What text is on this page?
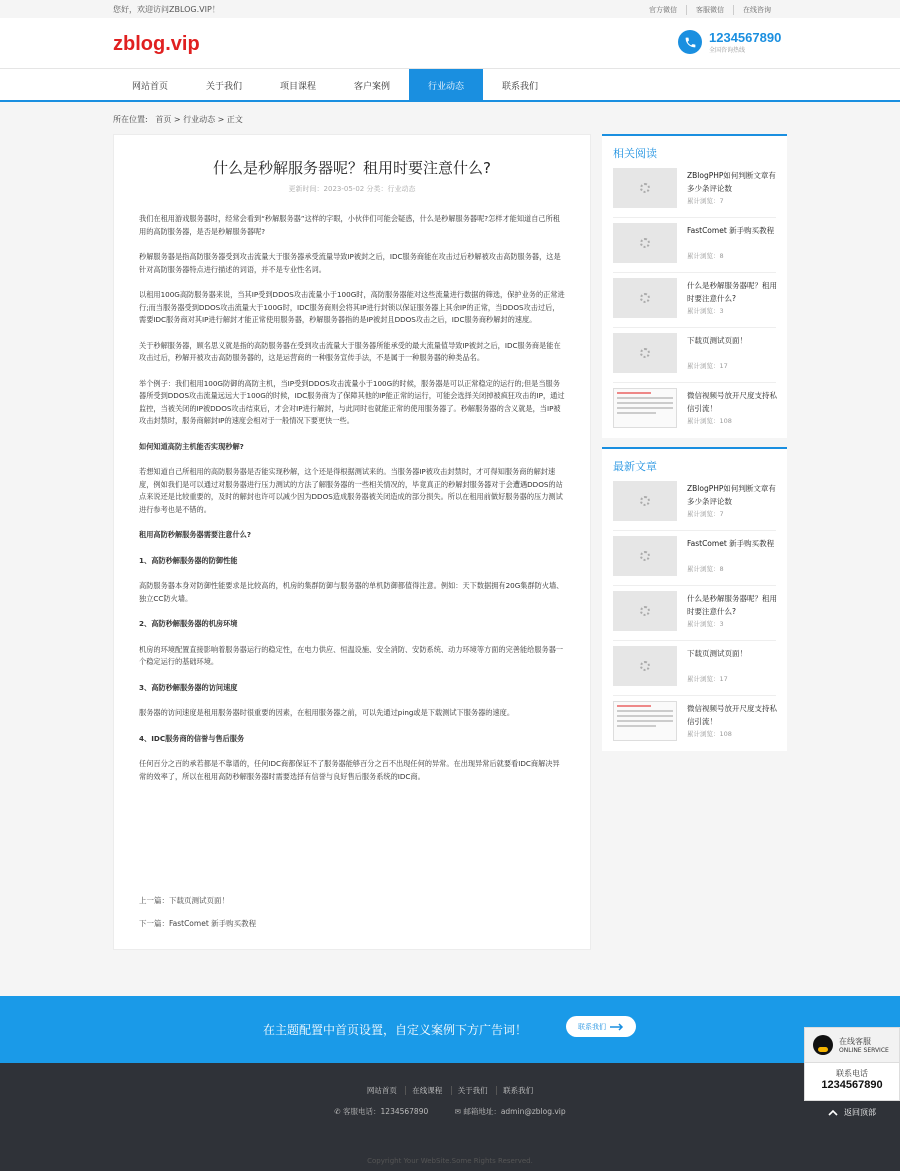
您好，欢迎访问ZBLOG.VIP！	官方微信	客服微信	在线咨询
zblog.vip	1234567890
全国咨询热线
网站首页	关于我们	项目课程	客户案例	行业动态	联系我们
所在位置: 首页 > 行业动态 > 正文
什么是秒解服务器呢？租用时要注意什么?
更新时间：2023-05-02 分类：行业动态

我们在租用游戏服务器时，经常会看到“秒解服务器”这样的字眼，小伙伴们可能会疑惑，什么是秒解服务器呢?怎样才能知道自己所租用的高防服务器，是否是秒解服务器呢?

秒解服务器是指高防服务器受到攻击流量大于服务器承受流量导致IP被封之后，IDC服务商能在攻击过后秒解被攻击高防服务器，这是针对高防服务器特点进行描述的词语，并不是专业性名词。

以租用100G高防服务器来说，当其IP受到DDOS攻击流量小于100G时，高防服务器能对这些流量进行数据的筛选，保护业务的正常进行;而当服务器受到DDOS攻击流量大于100G时，IDC服务商则会将其IP进行封锁以保证服务器上其余IP的正常，当DDOS攻击过后，需要IDC服务商对其IP进行解封才能正常使用服务器，秒解服务器指的是IP被封且DDOS攻击之后，IDC服务商秒解封的速度。

关于秒解服务器，顾名思义就是指的高防服务器在受到攻击流量大于服务器所能承受的最大流量值导致IP被封之后，IDC服务商是能在攻击过后，秒解开被攻击高防服务器的，这是运营商的一种服务宣传手法，不是属于一种服务器的种类品名。

举个例子：我们租用100G防御的高防主机，当IP受到DDOS攻击流量小于100G的时候，服务器是可以正常稳定的运行的;但是当服务器所受到DDOS攻击流量远远大于100G的时候，IDC服务商为了保障其他的IP能正常的运行，可能会选择关闭掉被疯狂攻击的IP，通过监控，当被关闭的IP被DDOS攻击结束后，才会对IP进行解封，与此同时也就能正常的使用服务器了。秒解服务器的含义就是，当IP被攻击封禁时，服务商解封IP的速度会相对于一般情况下要更快一些。

如何知道高防主机能否实现秒解?

若想知道自己所租用的高防服务器是否能实现秒解，这个还是得根据测试来的。当服务器IP被攻击封禁时，才可得知服务商的解封速度，例如我们是可以通过对服务器进行压力测试的方法了解服务器的一些相关情况的，毕竟真正的秒解封服务器对于会遭遇DDOS的站点来说还是比较重要的，及时的解封也许可以减少因为DDOS造成服务器被关闭造成的部分损失。所以在租用前做好服务器的压力测试进行参考也是不错的。

租用高防秒解服务器需要注意什么?

1、高防秒解服务器的防御性能

高防服务器本身对防御性能要求是比较高的，机房的集群防御与服务器的单机防御都值得注意。例如：天下数据拥有20G集群防火墙、独立CC防火墙。

2、高防秒解服务器的机房环境

机房的环境配置直接影响着服务器运行的稳定性，在电力供应、恒温设施、安全消防、安防系统、动力环境等方面的完善能给服务器一个稳定运行的基础环境。

3、高防秒解服务器的访问速度

服务器的访问速度是租用服务器时很重要的因素，在租用服务器之前，可以先通过ping或是下载测试下服务器的速度。

4、IDC服务商的信誉与售后服务

任何百分之百的承若都是不靠谱的，任何IDC商都保证不了服务器能够百分之百不出现任何的异常。在出现异常后就要看IDC商解决异常的效率了，所以在租用高防秒解服务器时需要选择有信誉与良好售后服务系统的IDC商。

上一篇：下载页测试页面！
下一篇：FastComet 新手购买教程
相关阅读
ZBlogPHP如何判断文章有多少条评论数
累计浏览：7
FastComet 新手购买教程
累计浏览：8
什么是秒解服务器呢？租用时要注意什么?
累计浏览：3
下载页测试页面！
累计浏览：17
微信视频号放开尺度支持私信引流！
累计浏览：108
最新文章
ZBlogPHP如何判断文章有多少条评论数
累计浏览：7
FastComet 新手购买教程
累计浏览：8
什么是秒解服务器呢？租用时要注意什么?
累计浏览：3
下载页测试页面！
累计浏览：17
微信视频号放开尺度支持私信引流！
累计浏览：108
在主题配置中首页设置，自定义案例下方广告词！	联系我们
网站首页 在线课程 关于我们 联系我们
✆ 客服电话：1234567890	✉ 邮箱地址：admin@zblog.vip
Copyright Your WebSite.Some Rights Reserved.
在线客服
ONLINE SERVICE
联系电话
1234567890
返回顶部
